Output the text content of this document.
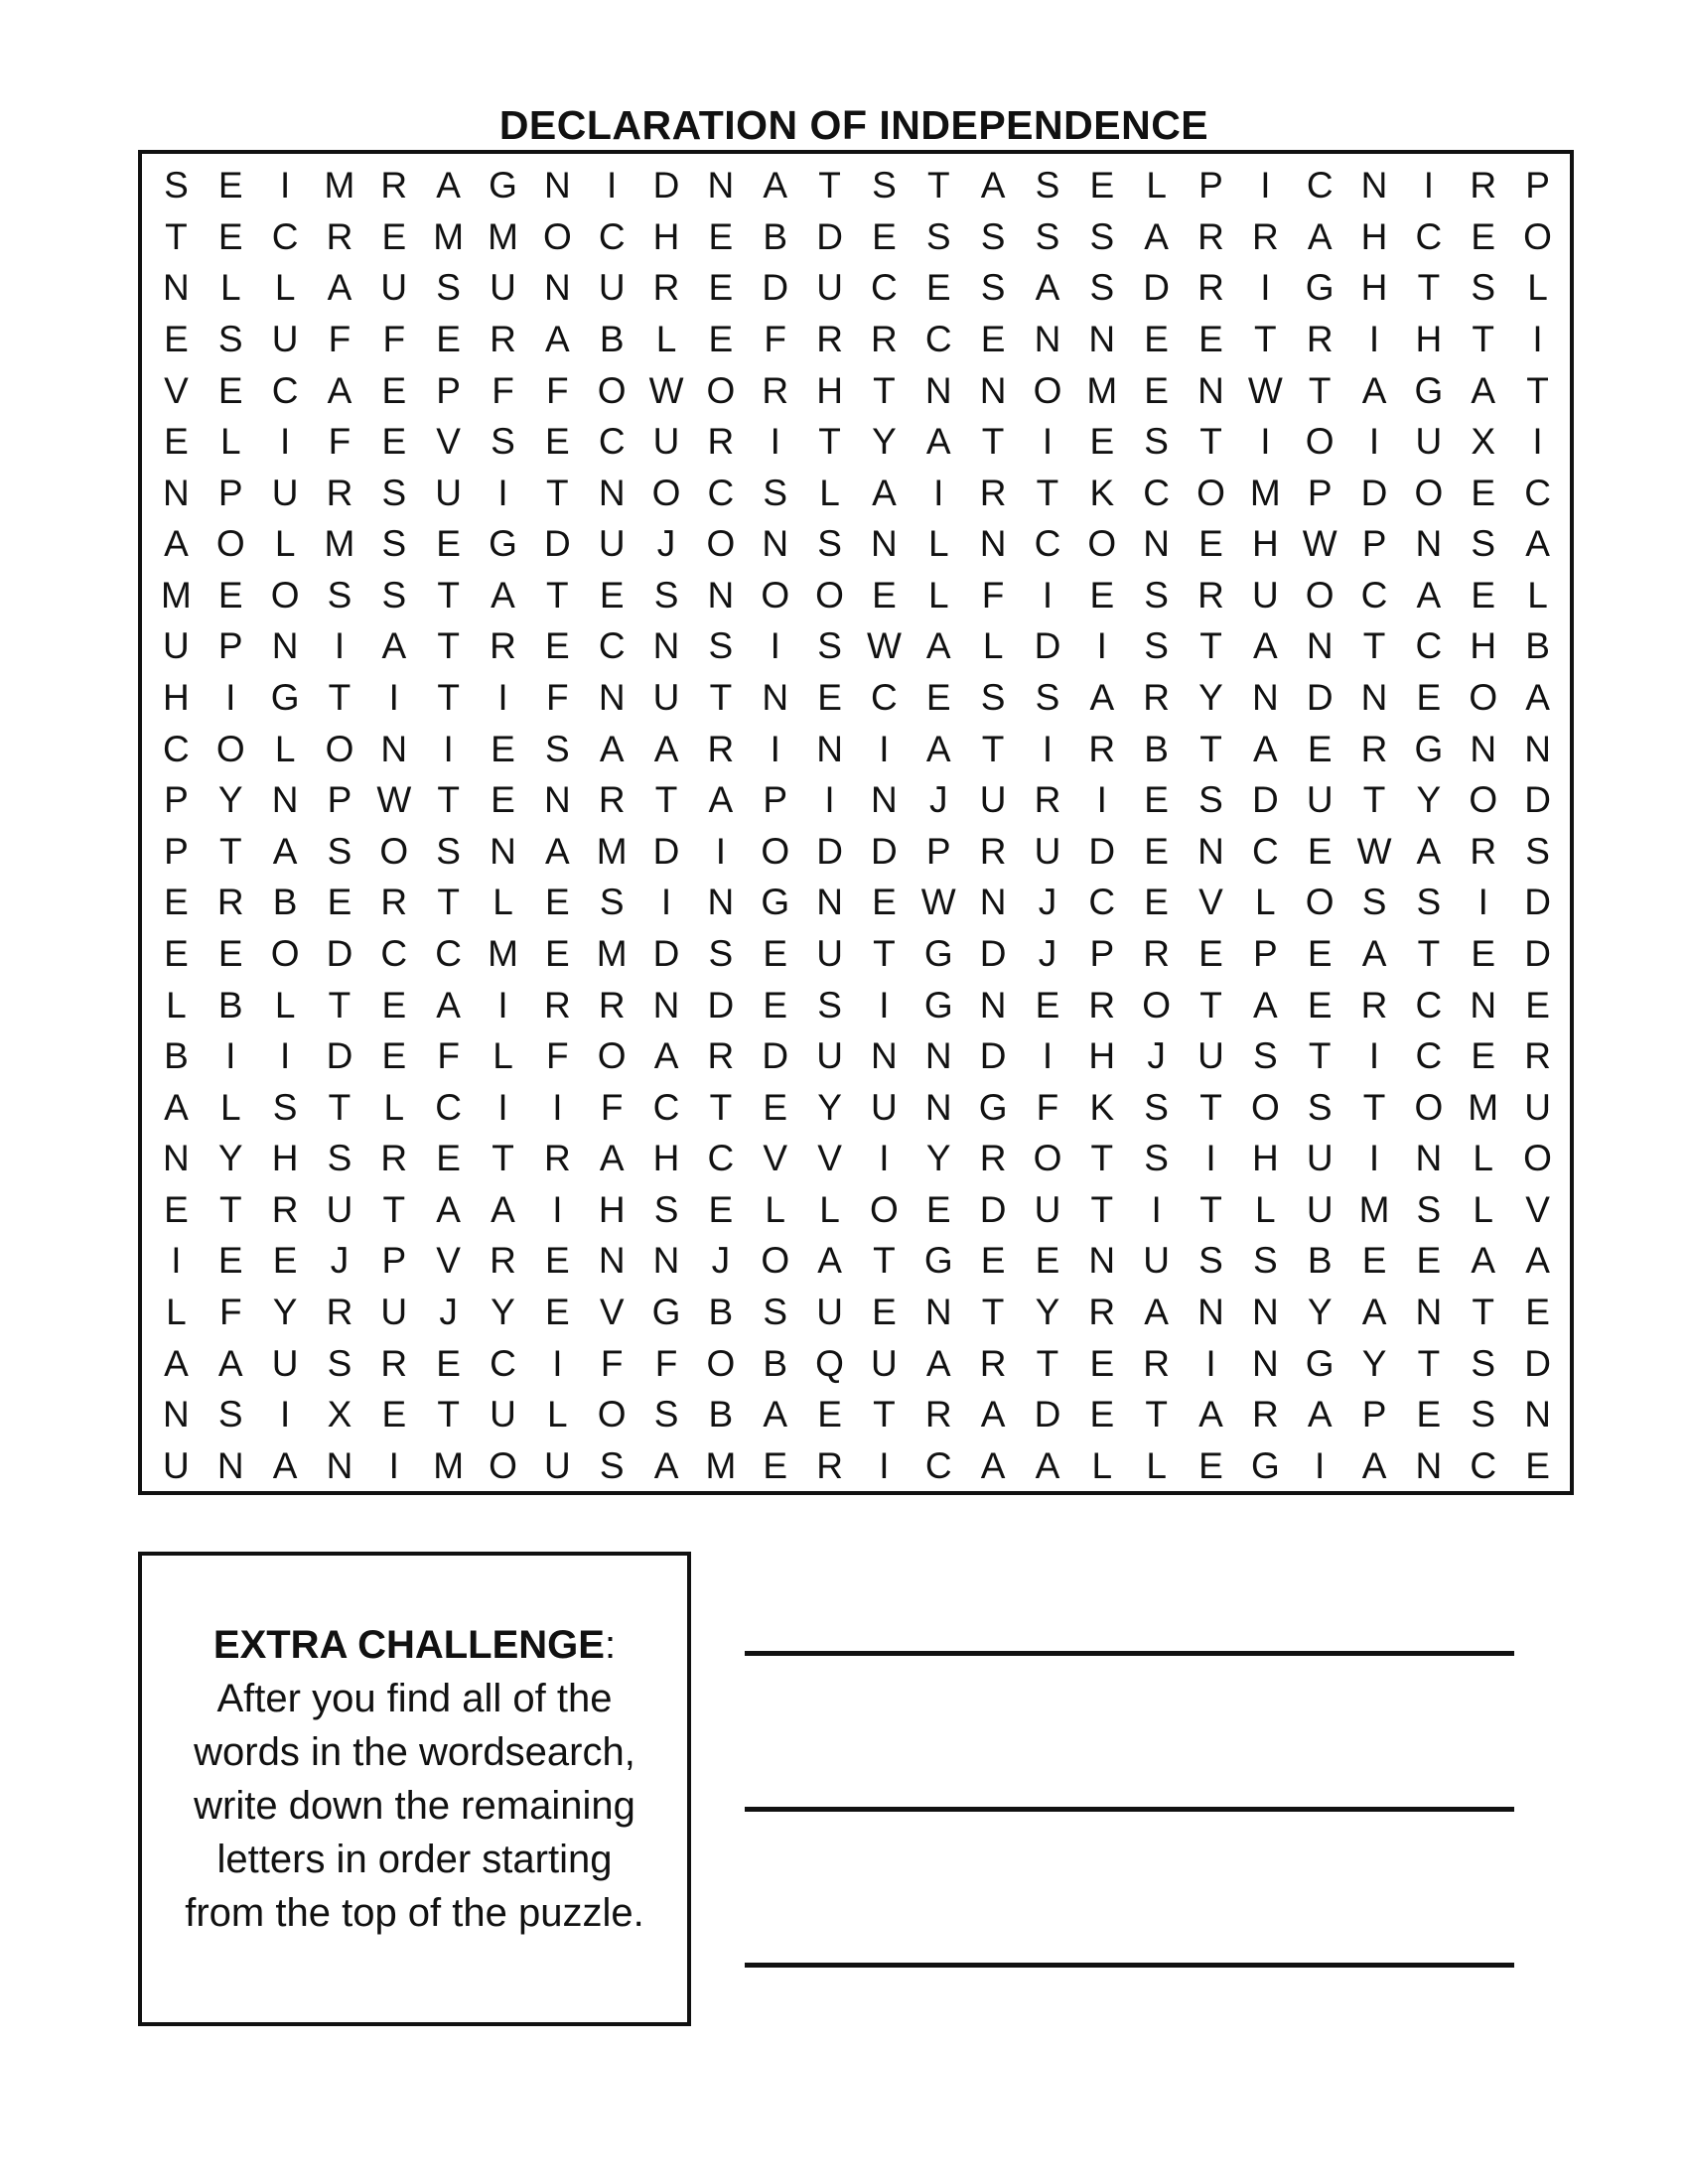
DECLARATION OF INDEPENDENCE
S E	I M R A G N I D N A T S T A S E L P	I C N I R P
T E C R E M M O C H E B D E S S S S A R R A H C E O
N L L A U S U N U R E D U C E S A S D R I G H T S L
E S U F F E R A B L E F R R C E N N E E T R I H T	I
V E C A E P F F O W O R H T N N O M E N W T A G A T
E L	I	F E V S E C U R I	T Y A T	I	E S T	I O I U X	I
N P U R S U I	T N O C S L A	I R T K C O M P D O E C
A O L M S E G D U J O N S N L N C O N E H W P N S A
M E O S S T A T E S N O O E L F	I	E S R U O C A E L
U P N I	A T R E C N S	I	S W A L D I	S T A N T C H B
H I G T	I	T	I	F N U T N E C E S S A R Y N D N E O A
C O L O N I	E S A A R I N I	A T	I R B T A E R G N N
P Y N P W T E N R T A P	I N J U R I	E S D U T Y O D
P T A S O S N A M D I O D D P R U D E N C E W A R S
E R B E R T L E S	I N G N E W N J C E V L O S S	I D
E E O D C C M E M D S E U T G D J P R E P E A T E D
L B L T E A	I R R N D E S	I G N E R O T A E R C N E
B	I	I D E F L F O A R D U N N D I H J U S T	I C E R
A L S T L C I	I	F C T E Y U N G F K S T O S T O M U
N Y H S R E T R A H C V V	I	Y R O T S	I H U I N L O
E T R U T A A	I H S E L L O E D U T	I	T L U M S L V
I	E E J P V R E N N J O A T G E E N U S S B E E A A
L F Y R U J Y E V G B S U E N T Y R A N N Y A N T E
A A U S R E C I	F F O B Q U A R T E R I N G Y T S D
N S	I	X E T U L O S B A E T R A D E T A R A P E S N
U N A N I M O U S A M E R I C A A L L E G I	A N C E
EXTRA CHALLENGE:
After you find all of the
words in the wordsearch,
write down the remaining
letters in order starting
from the top of the puzzle.
